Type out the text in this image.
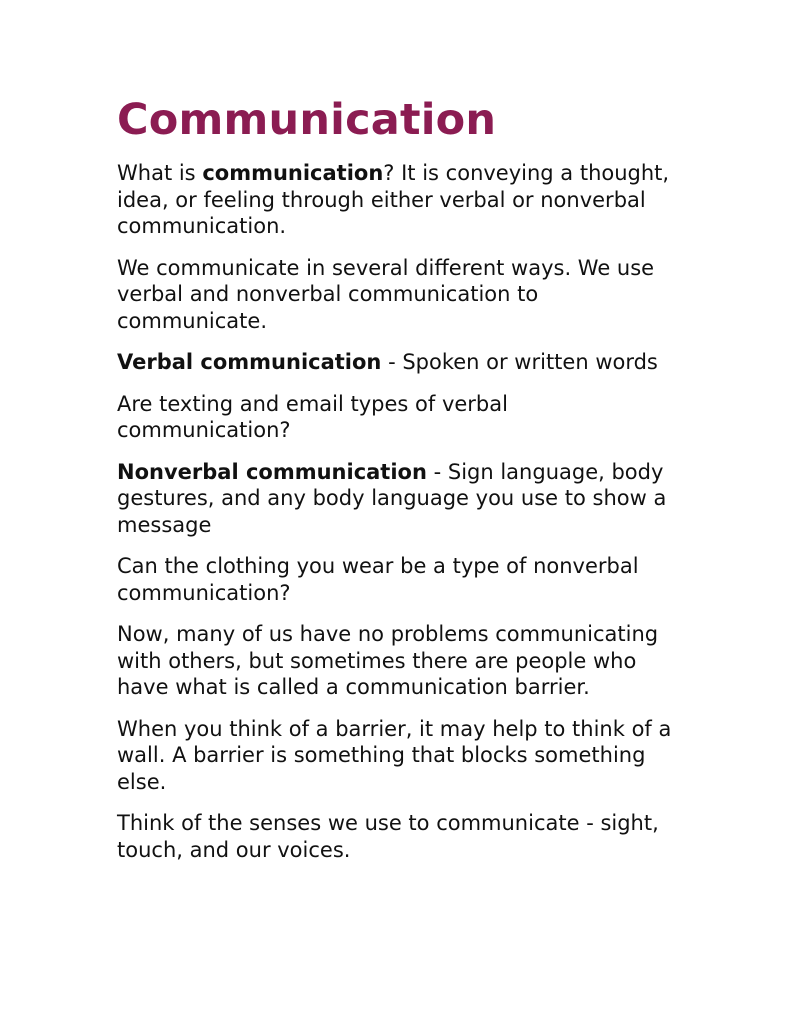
Communication

What is communication? It is conveying a thought, idea, or feeling through either verbal or nonverbal communication.

We communicate in several different ways. We use verbal and nonverbal communication to communicate.

Verbal communication - Spoken or written words

Are texting and email types of verbal communication?

Nonverbal communication - Sign language, body gestures, and any body language you use to show a message

Can the clothing you wear be a type of nonverbal communication?

Now, many of us have no problems communicating with others, but sometimes there are people who have what is called a communication barrier.

When you think of a barrier, it may help to think of a wall. A barrier is something that blocks something else.

Think of the senses we use to communicate - sight, touch, and our voices.
